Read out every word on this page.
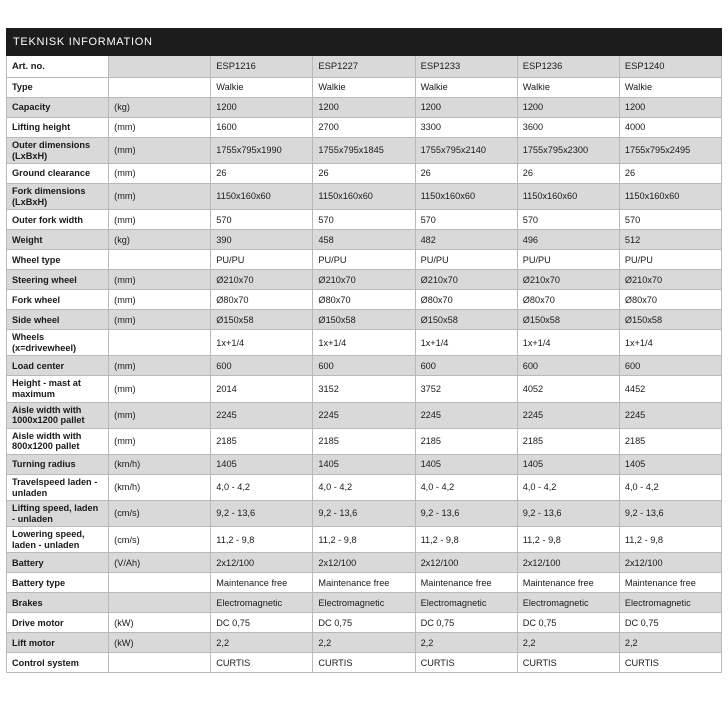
TEKNISK INFORMATION						
Art. no.		ESP1216	ESP1227	ESP1233	ESP1236	ESP1240
Type		Walkie	Walkie	Walkie	Walkie	Walkie
Capacity	(kg)	1200	1200	1200	1200	1200
Lifting height	(mm)	1600	2700	3300	3600	4000
Outer dimensions (LxBxH)	(mm)	1755x795x1990	1755x795x1845	1755x795x2140	1755x795x2300	1755x795x2495
Ground clearance	(mm)	26	26	26	26	26
Fork dimensions (LxBxH)	(mm)	1150x160x60	1150x160x60	1150x160x60	1150x160x60	1150x160x60
Outer fork width	(mm)	570	570	570	570	570
Weight	(kg)	390	458	482	496	512
Wheel type		PU/PU	PU/PU	PU/PU	PU/PU	PU/PU
Steering wheel	(mm)	Ø210x70	Ø210x70	Ø210x70	Ø210x70	Ø210x70
Fork wheel	(mm)	Ø80x70	Ø80x70	Ø80x70	Ø80x70	Ø80x70
Side wheel	(mm)	Ø150x58	Ø150x58	Ø150x58	Ø150x58	Ø150x58
Wheels (x=drivewheel)		1x+1/4	1x+1/4	1x+1/4	1x+1/4	1x+1/4
Load center	(mm)	600	600	600	600	600
Height - mast at maximum	(mm)	2014	3152	3752	4052	4452
Aisle width with 1000x1200 pallet	(mm)	2245	2245	2245	2245	2245
Aisle width with 800x1200 pallet	(mm)	2185	2185	2185	2185	2185
Turning radius	(km/h)	1405	1405	1405	1405	1405
Travelspeed laden - unladen	(km/h)	4,0 - 4,2	4,0 - 4,2	4,0 - 4,2	4,0 - 4,2	4,0 - 4,2
Lifting speed, laden - unladen	(cm/s)	9,2 - 13,6	9,2 - 13,6	9,2 - 13,6	9,2 - 13,6	9,2 - 13,6
Lowering speed, laden - unladen	(cm/s)	11,2 - 9,8	11,2 - 9,8	11,2 - 9,8	11,2 - 9,8	11,2 - 9,8
Battery	(V/Ah)	2x12/100	2x12/100	2x12/100	2x12/100	2x12/100
Battery type		Maintenance free	Maintenance free	Maintenance free	Maintenance free	Maintenance free
Brakes		Electromagnetic	Electromagnetic	Electromagnetic	Electromagnetic	Electromagnetic
Drive motor	(kW)	DC 0,75	DC 0,75	DC 0,75	DC 0,75	DC 0,75
Lift motor	(kW)	2,2	2,2	2,2	2,2	2,2
Control system		CURTIS	CURTIS	CURTIS	CURTIS	CURTIS
